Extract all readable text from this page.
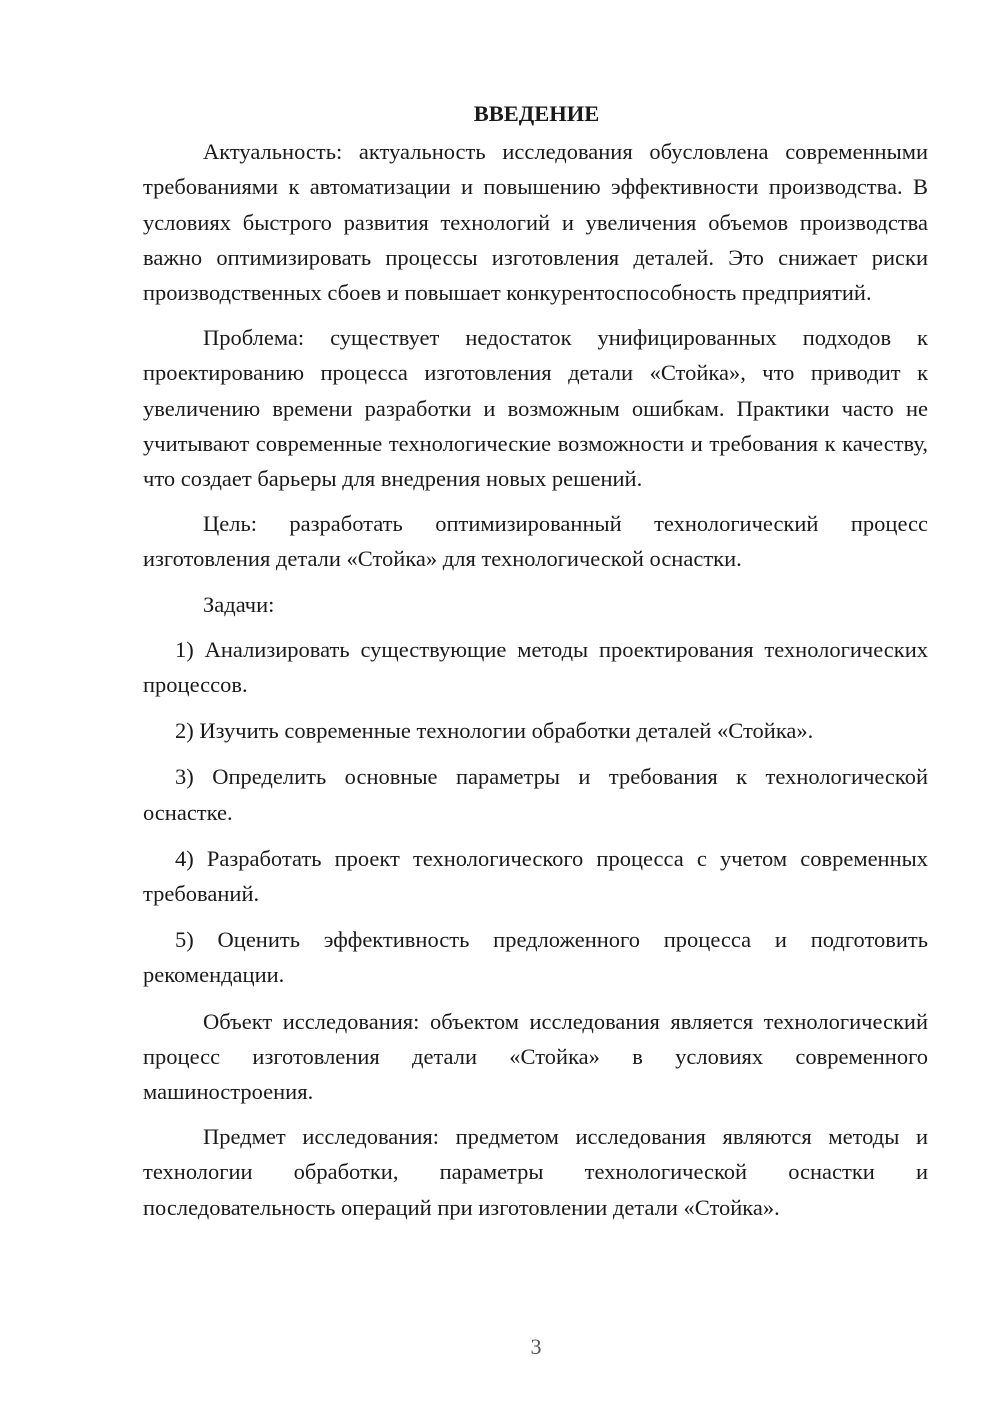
ВВЕДЕНИЕ

Актуальность: актуальность исследования обусловлена современными требованиями к автоматизации и повышению эффективности производства. В условиях быстрого развития технологий и увеличения объемов производства важно оптимизировать процессы изготовления деталей. Это снижает риски производственных сбоев и повышает конкурентоспособность предприятий.

Проблема: существует недостаток унифицированных подходов к проектированию процесса изготовления детали «Стойка», что приводит к увеличению времени разработки и возможным ошибкам. Практики часто не учитывают современные технологические возможности и требования к качеству, что создает барьеры для внедрения новых решений.

Цель: разработать оптимизированный технологический процесс изготовления детали «Стойка» для технологической оснастки.

Задачи:

1) Анализировать существующие методы проектирования технологических процессов.

2) Изучить современные технологии обработки деталей «Стойка».

3) Определить основные параметры и требования к технологической оснастке.

4) Разработать проект технологического процесса с учетом современных требований.

5) Оценить эффективность предложенного процесса и подготовить рекомендации.

Объект исследования: объектом исследования является технологический процесс изготовления детали «Стойка» в условиях современного машиностроения.

Предмет исследования: предметом исследования являются методы и технологии обработки, параметры технологической оснастки и последовательность операций при изготовлении детали «Стойка».

3
